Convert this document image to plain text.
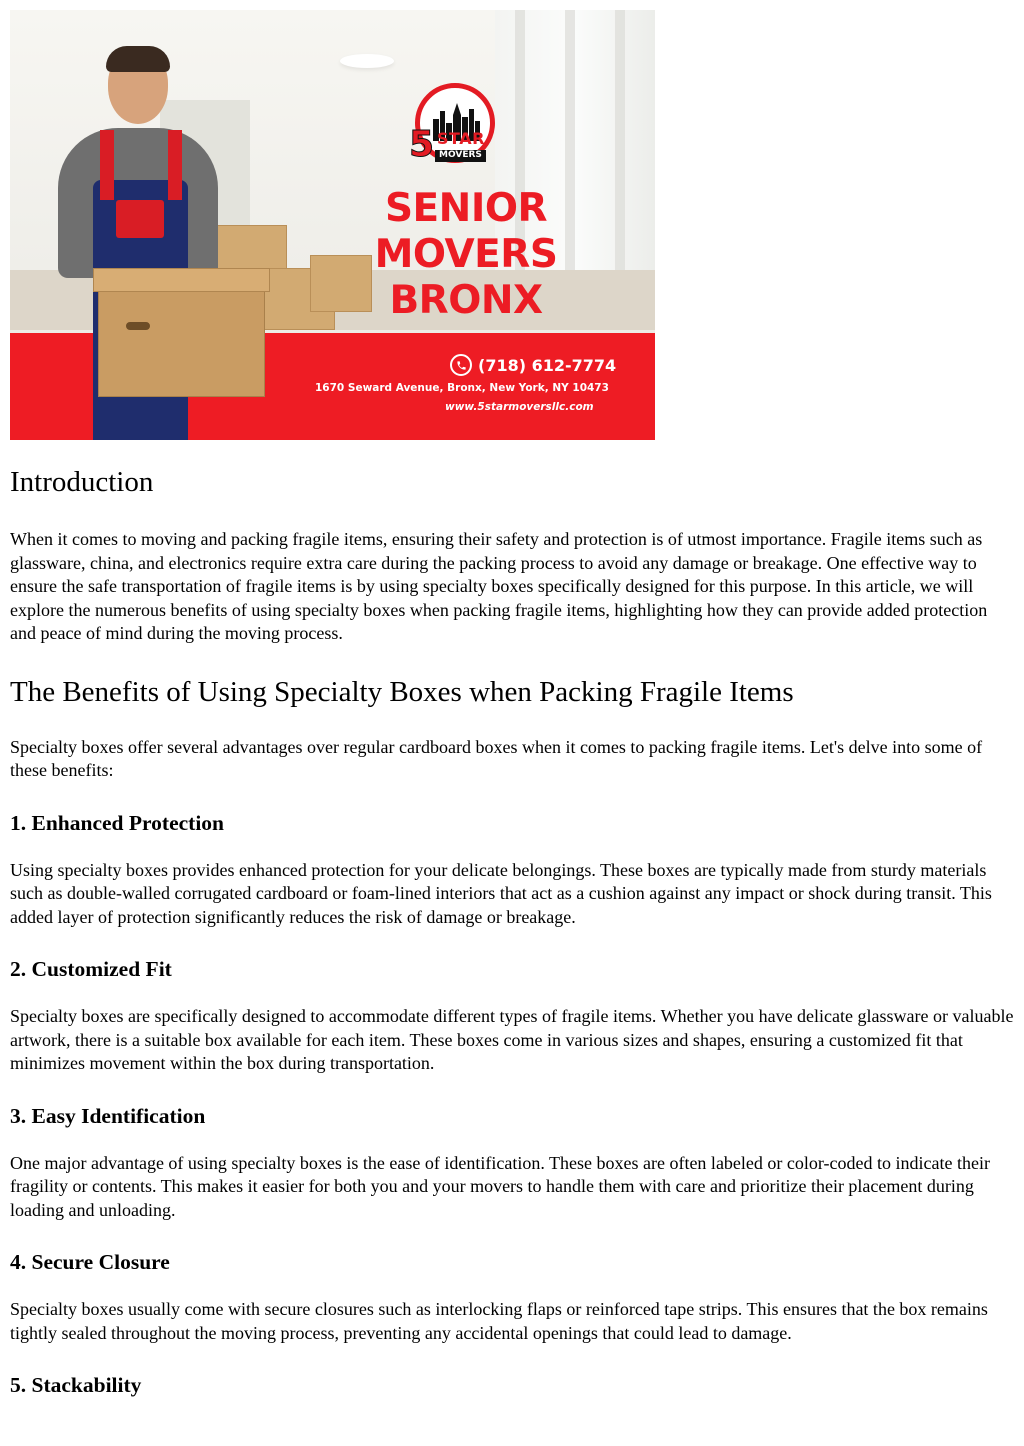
5 STAR
MOVERS
SENIOR
MOVERS
BRONX
(718) 612-7774
1670 Seward Avenue, Bronx, New York, NY 10473
www.5starmoversllc.com
Introduction

When it comes to moving and packing fragile items, ensuring their safety and protection is of utmost importance. Fragile items such as glassware, china, and electronics require extra care during the packing process to avoid any damage or breakage. One effective way to ensure the safe transportation of fragile items is by using specialty boxes specifically designed for this purpose. In this article, we will explore the numerous benefits of using specialty boxes when packing fragile items, highlighting how they can provide added protection and peace of mind during the moving process.

The Benefits of Using Specialty Boxes when Packing Fragile Items

Specialty boxes offer several advantages over regular cardboard boxes when it comes to packing fragile items. Let's delve into some of these benefits:

1. Enhanced Protection

Using specialty boxes provides enhanced protection for your delicate belongings. These boxes are typically made from sturdy materials such as double-walled corrugated cardboard or foam-lined interiors that act as a cushion against any impact or shock during transit. This added layer of protection significantly reduces the risk of damage or breakage.

2. Customized Fit

Specialty boxes are specifically designed to accommodate different types of fragile items. Whether you have delicate glassware or valuable artwork, there is a suitable box available for each item. These boxes come in various sizes and shapes, ensuring a customized fit that minimizes movement within the box during transportation.

3. Easy Identification

One major advantage of using specialty boxes is the ease of identification. These boxes are often labeled or color-coded to indicate their fragility or contents. This makes it easier for both you and your movers to handle them with care and prioritize their placement during loading and unloading.

4. Secure Closure

Specialty boxes usually come with secure closures such as interlocking flaps or reinforced tape strips. This ensures that the box remains tightly sealed throughout the moving process, preventing any accidental openings that could lead to damage.

5. Stackability
